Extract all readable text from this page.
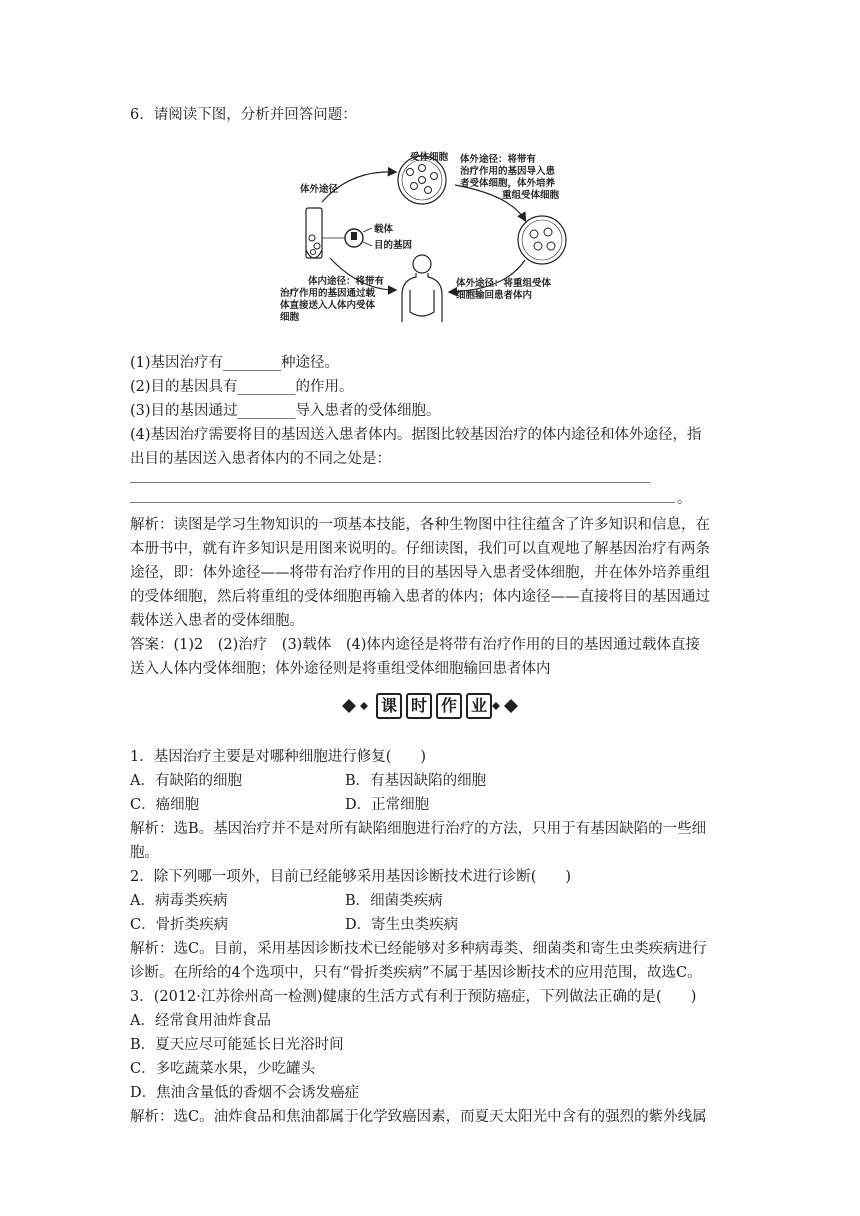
6．请阅读下图，分析并回答问题：
受体细胞 体外途径：将带有
治疗作用的基因导入患
者受体细胞，体外培养
重组受体细胞
体外途径
载体
目的基因
体内途径：将带有
治疗作用的基因通过载
体直接送入人体内受体
细胞
体外途径：将重组受体
细胞输回患者体内
(1)基因治疗有________种途径。
(2)目的基因具有________的作用。
(3)目的基因通过________导入患者的受体细胞。
(4)基因治疗需要将目的基因送入患者体内。据图比较基因治疗的体内途径和体外途径，指
出目的基因送入患者体内的不同之处是：
。
解析：读图是学习生物知识的一项基本技能，各种生物图中往往蕴含了许多知识和信息，在
本册书中，就有许多知识是用图来说明的。仔细读图，我们可以直观地了解基因治疗有两条
途径，即：体外途径——将带有治疗作用的目的基因导入患者受体细胞，并在体外培养重组
的受体细胞，然后将重组的受体细胞再输入患者的体内；体内途径——直接将目的基因通过
载体送入患者的受体细胞。
答案：(1)2　(2)治疗　(3)载体　(4)体内途径是将带有治疗作用的目的基因通过载体直接
送入人体内受体细胞；体外途径则是将重组受体细胞输回患者体内
课 时 作 业
1．基因治疗主要是对哪种细胞进行修复(　　)
A．有缺陷的细胞	B．有基因缺陷的细胞
C．癌细胞	D．正常细胞
解析：选B。基因治疗并不是对所有缺陷细胞进行治疗的方法，只用于有基因缺陷的一些细
胞。
2．除下列哪一项外，目前已经能够采用基因诊断技术进行诊断(　　)
A．病毒类疾病	B．细菌类疾病
C．骨折类疾病	D．寄生虫类疾病
解析：选C。目前，采用基因诊断技术已经能够对多种病毒类、细菌类和寄生虫类疾病进行
诊断。在所给的4个选项中，只有“骨折类疾病”不属于基因诊断技术的应用范围，故选C。
3．(2012·江苏徐州高一检测)健康的生活方式有利于预防癌症，下列做法正确的是(　　)
A．经常食用油炸食品
B．夏天应尽可能延长日光浴时间
C．多吃蔬菜水果，少吃罐头
D．焦油含量低的香烟不会诱发癌症
解析：选C。油炸食品和焦油都属于化学致癌因素，而夏天太阳光中含有的强烈的紫外线属
